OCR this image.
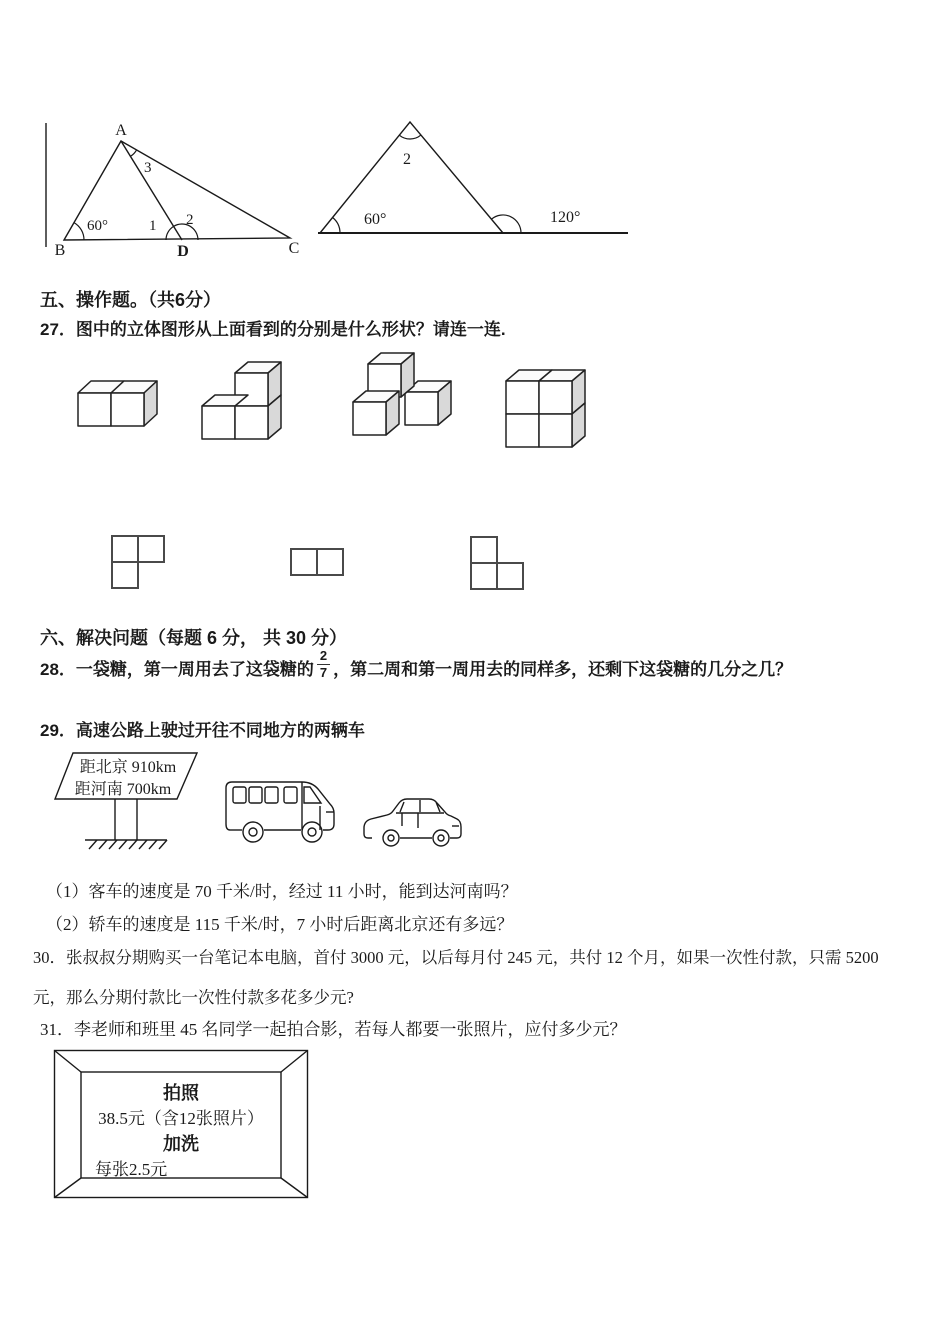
A
B	C
D
60°	1 2
3	2
60°	120°
五、操作题。（共6分）
27．图中的立体图形从上面看到的分别是什么形状？请连一连.
六、解决问题（每题 6 分， 共 30 分）
28．一袋糖，第一周用去了这袋糖的 $\frac{2}{7}$ ，第二周和第一周用去的同样多，还剩下这袋糖的几分之几？
29．高速公路上驶过开往不同地方的两辆车
距北京 910km
距河南 700km
（1）客车的速度是 70 千米/时，经过 11 小时，能到达河南吗？
（2）轿车的速度是 115 千米/时，7 小时后距离北京还有多远？
30．张叔叔分期购买一台笔记本电脑，首付 3000 元，以后每月付 245 元，共付 12 个月，如果一次性付款，只需 5200
元，那么分期付款比一次性付款多花多少元?
31．李老师和班里 45 名同学一起拍合影，若每人都要一张照片，应付多少元？
拍照
38.5元（含12张照片）
加洗
每张2.5元
